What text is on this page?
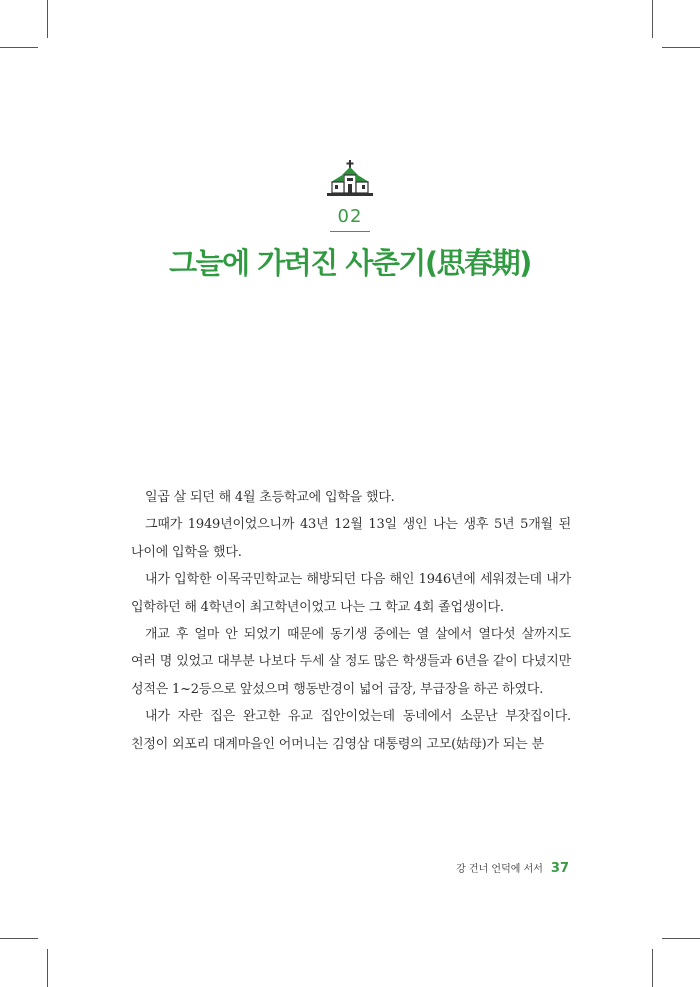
02
그늘에 가려진 사춘기(思春期)

일곱 살 되던 해 4월 초등학교에 입학을 했다.

그때가 1949년이었으니까 43년 12월 13일 생인 나는 생후 5년 5개월 된 나이에 입학을 했다.

내가 입학한 이목국민학교는 해방되던 다음 해인 1946년에 세워졌는데 내가 입학하던 해 4학년이 최고학년이었고 나는 그 학교 4회 졸업생이다.

개교 후 얼마 안 되었기 때문에 동기생 중에는 열 살에서 열다섯 살까지도 여러 명 있었고 대부분 나보다 두세 살 정도 많은 학생들과 6년을 같이 다녔지만 성적은 1~2등으로 앞섰으며 행동반경이 넓어 급장, 부급장을 하곤 하였다.

내가 자란 집은 완고한 유교 집안이었는데 동네에서 소문난 부잣집이다. 친정이 외포리 대계마을인 어머니는 김영삼 대통령의 고모(姑母)가 되는 분

강 건너 언덕에 서서 37
